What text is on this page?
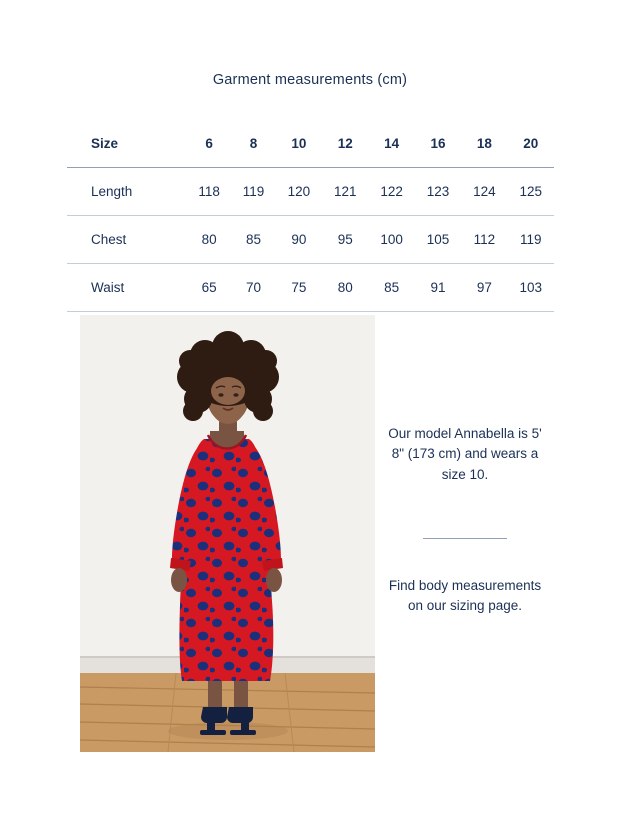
Garment measurements (cm)
Size	6	8	10	12	14	16	18	20
Length	118	119	120	121	122	123	124	125
Chest	80	85	90	95	100	105	112	119
Waist	65	70	75	80	85	91	97	103
Our model Annabella is 5' 8" (173 cm) and wears a size 10.
Find body measurements on our sizing page.
